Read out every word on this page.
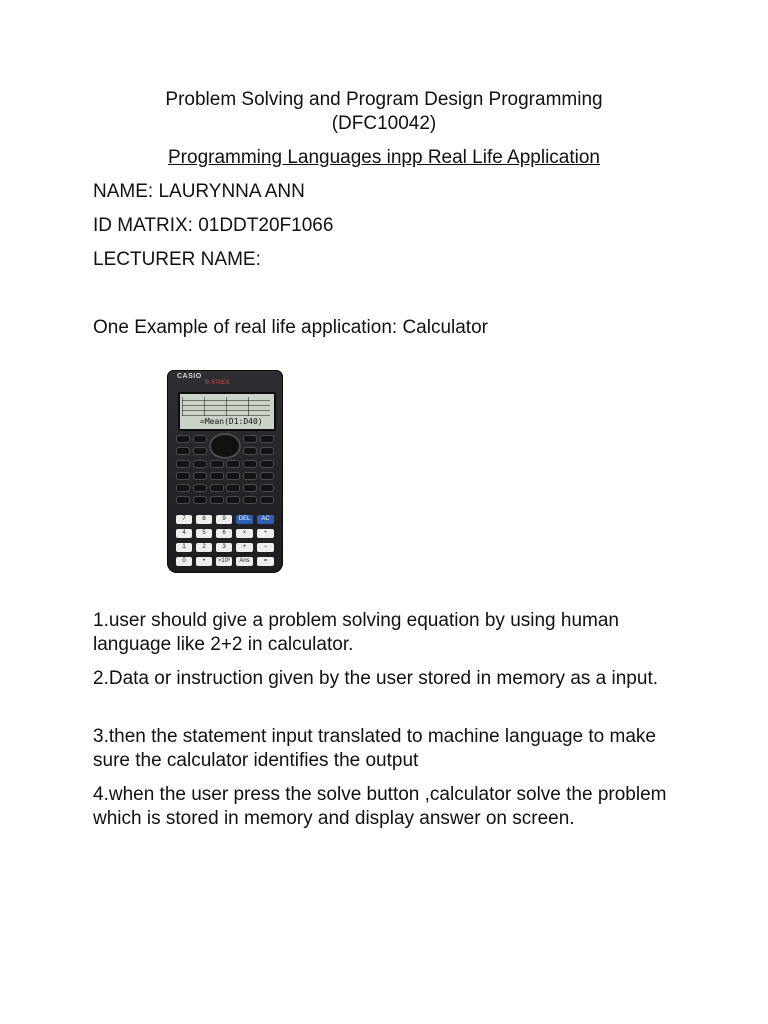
Problem Solving and Program Design Programming
(DFC10042)
Programming Languages inpp Real Life Application
NAME: LAURYNNA ANN
ID MATRIX: 01DDT20F1066
LECTURER NAME:
One Example of real life application: Calculator
CASIO
fx-570EX
=Mean(D1:D40)
7	8	9	DEL	AC
4	5	6	×	÷
1	2	3	+	−
0	•	×10ˣ	Ans	=
1.user should give a problem solving equation by using human language like 2+2 in calculator.
2.Data or instruction given by the user stored in memory as a input.
3.then the statement input translated to machine language to make sure the calculator identifies the output
4.when the user press the solve button ,calculator solve the problem which is stored in memory and display answer on screen.
